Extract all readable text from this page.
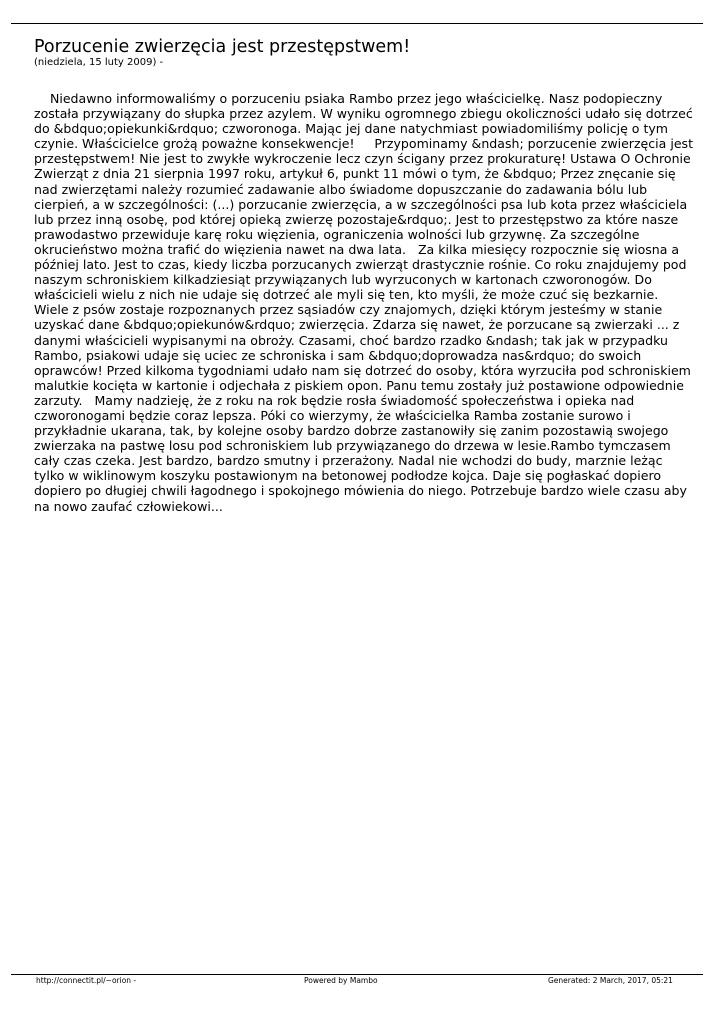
Porzucenie zwierzęcia jest przestępstwem!
(niedziela, 15 luty 2009) -
Niedawno informowaliśmy o porzuceniu psiaka Rambo przez jego właścicielkę. Nasz podopieczny została przywiązany do słupka przez azylem. W wyniku ogromnego zbiegu okoliczności udało się dotrzeć do &bdquo;opiekunki&rdquo; czworonoga. Mając jej dane natychmiast powiadomiliśmy policję o tym czynie. Właścicielce grożą poważne konsekwencje!     Przypominamy &ndash; porzucenie zwierzęcia jest przestępstwem! Nie jest to zwykłe wykroczenie lecz czyn ścigany przez prokuraturę! Ustawa O Ochronie Zwierząt z dnia 21 sierpnia 1997 roku, artykuł 6, punkt 11 mówi o tym, że &bdquo; Przez znęcanie się nad zwierzętami należy rozumieć zadawanie albo świadome dopuszczanie do zadawania bólu lub cierpień, a w szczególności: (...) porzucanie zwierzęcia, a w szczególności psa lub kota przez właściciela lub przez inną osobę, pod której opieką zwierzę pozostaje&rdquo;. Jest to przestępstwo za które nasze prawodastwo przewiduje karę roku więzienia, ograniczenia wolności lub grzywnę. Za szczególne okrucieństwo można trafić do więzienia nawet na dwa lata.   Za kilka miesięcy rozpocznie się wiosna a później lato. Jest to czas, kiedy liczba porzucanych zwierząt drastycznie rośnie. Co roku znajdujemy pod naszym schroniskiem kilkadziesiąt przywiązanych lub wyrzuconych w kartonach czworonogów. Do właścicieli wielu z nich nie udaje się dotrzeć ale myli się ten, kto myśli, że może czuć się bezkarnie. Wiele z psów zostaje rozpoznanych przez sąsiadów czy znajomych, dzięki którym jesteśmy w stanie uzyskać dane &bdquo;opiekunów&rdquo; zwierzęcia. Zdarza się nawet, że porzucane są zwierzaki ... z danymi właścicieli wypisanymi na obroży. Czasami, choć bardzo rzadko &ndash; tak jak w przypadku Rambo, psiakowi udaje się uciec ze schroniska i sam &bdquo;doprowadza nas&rdquo; do swoich oprawców! Przed kilkoma tygodniami udało nam się dotrzeć do osoby, która wyrzuciła pod schroniskiem malutkie kocięta w kartonie i odjechała z piskiem opon. Panu temu zostały już postawione odpowiednie zarzuty.   Mamy nadzieję, że z roku na rok będzie rosła świadomość społeczeństwa i opieka nad czworonogami będzie coraz lepsza. Póki co wierzymy, że właścicielka Ramba zostanie surowo i przykładnie ukarana, tak, by kolejne osoby bardzo dobrze zastanowiły się zanim pozostawią swojego zwierzaka na pastwę losu pod schroniskiem lub przywiązanego do drzewa w lesie.Rambo tymczasem cały czas czeka. Jest bardzo, bardzo smutny i przerażony. Nadal nie wchodzi do budy, marznie leżąc tylko w wiklinowym koszyku postawionym na betonowej podłodze kojca. Daje się pogłaskać dopiero dopiero po długiej chwili łagodnego i spokojnego mówienia do niego. Potrzebuje bardzo wiele czasu aby na nowo zaufać człowiekowi...
http://connectit.pl/~orion -	Powered by Mambo	Generated: 2 March, 2017, 05:21
